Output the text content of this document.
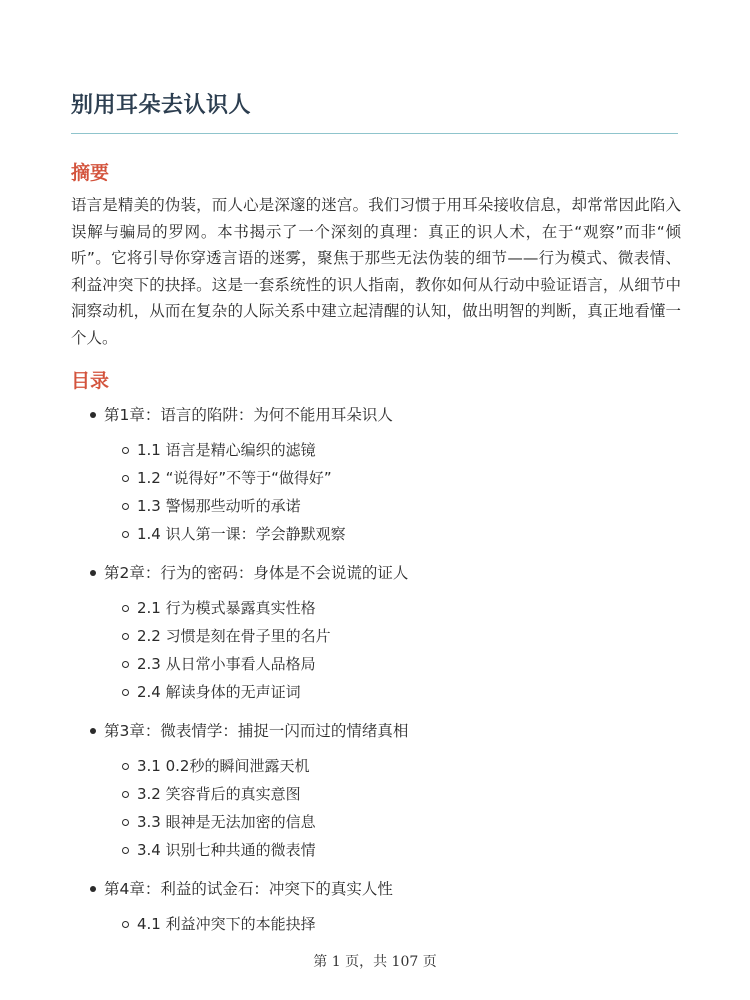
别用耳朵去认识人
摘要

语言是精美的伪装，而人心是深邃的迷宫。我们习惯于用耳朵接收信息，却常常因此陷入误解与骗局的罗网。本书揭示了一个深刻的真理：真正的识人术，在于“观察”而非“倾听”。它将引导你穿透言语的迷雾，聚焦于那些无法伪装的细节——行为模式、微表情、利益冲突下的抉择。这是一套系统性的识人指南，教你如何从行动中验证语言，从细节中洞察动机，从而在复杂的人际关系中建立起清醒的认知，做出明智的判断，真正地看懂一个人。

目录
第1章：语言的陷阱：为何不能用耳朵识人
1.1 语言是精心编织的滤镜
1.2 “说得好”不等于“做得好”
1.3 警惕那些动听的承诺
1.4 识人第一课：学会静默观察
第2章：行为的密码：身体是不会说谎的证人
2.1 行为模式暴露真实性格
2.2 习惯是刻在骨子里的名片
2.3 从日常小事看人品格局
2.4 解读身体的无声证词
第3章：微表情学：捕捉一闪而过的情绪真相
3.1 0.2秒的瞬间泄露天机
3.2 笑容背后的真实意图
3.3 眼神是无法加密的信息
3.4 识别七种共通的微表情
第4章：利益的试金石：冲突下的真实人性
4.1 利益冲突下的本能抉择
第 1 页，共 107 页
